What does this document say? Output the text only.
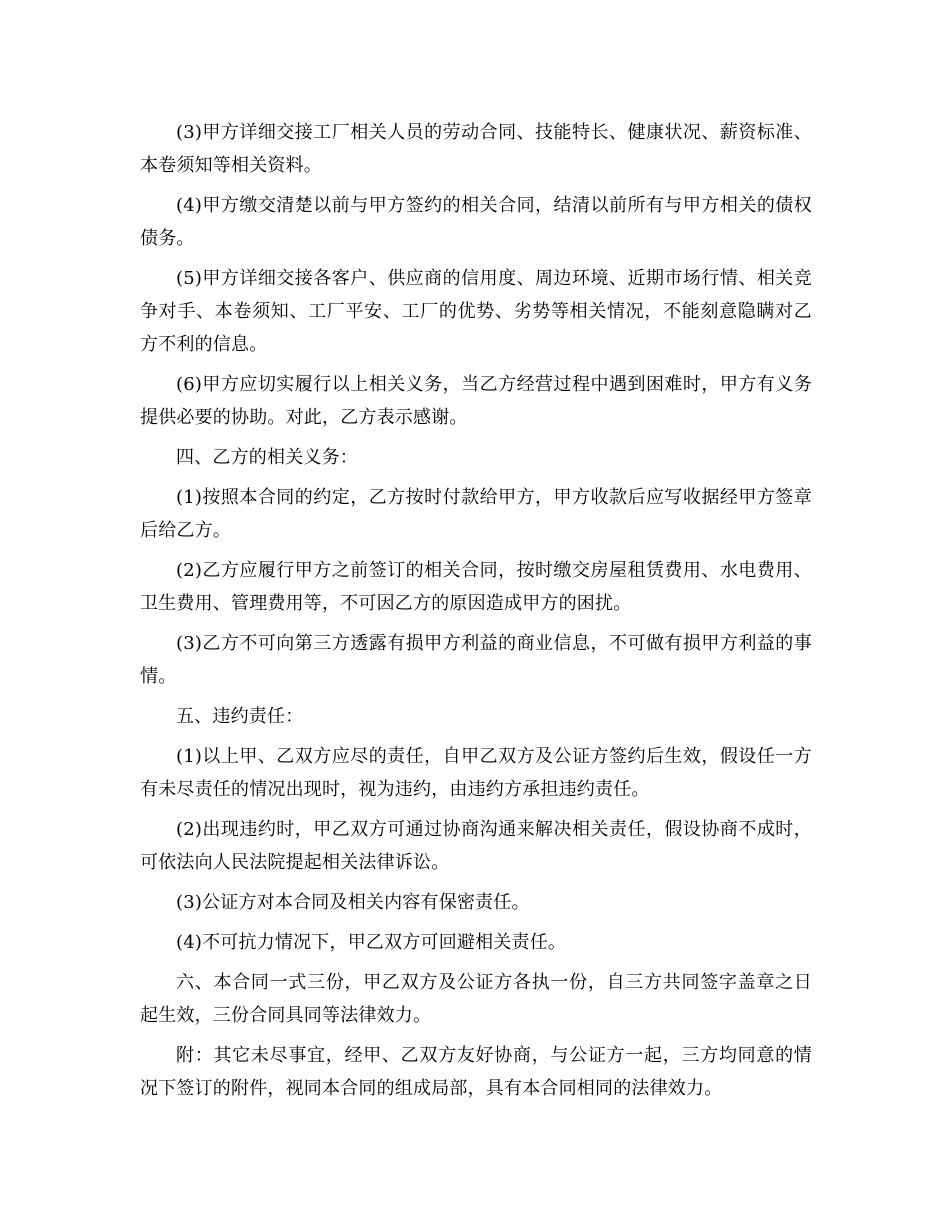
(3)甲方详细交接工厂相关人员的劳动合同、技能特长、健康状况、薪资标准、本卷须知等相关资料。

(4)甲方缴交清楚以前与甲方签约的相关合同，结清以前所有与甲方相关的债权债务。

(5)甲方详细交接各客户、供应商的信用度、周边环境、近期市场行情、相关竞争对手、本卷须知、工厂平安、工厂的优势、劣势等相关情况，不能刻意隐瞒对乙方不利的信息。

(6)甲方应切实履行以上相关义务，当乙方经营过程中遇到困难时，甲方有义务提供必要的协助。对此，乙方表示感谢。

四、乙方的相关义务：

(1)按照本合同的约定，乙方按时付款给甲方，甲方收款后应写收据经甲方签章后给乙方。

(2)乙方应履行甲方之前签订的相关合同，按时缴交房屋租赁费用、水电费用、卫生费用、管理费用等，不可因乙方的原因造成甲方的困扰。

(3)乙方不可向第三方透露有损甲方利益的商业信息，不可做有损甲方利益的事情。

五、违约责任：

(1)以上甲、乙双方应尽的责任，自甲乙双方及公证方签约后生效，假设任一方有未尽责任的情况出现时，视为违约，由违约方承担违约责任。

(2)出现违约时，甲乙双方可通过协商沟通来解决相关责任，假设协商不成时，可依法向人民法院提起相关法律诉讼。

(3)公证方对本合同及相关内容有保密责任。

(4)不可抗力情况下，甲乙双方可回避相关责任。

六、本合同一式三份，甲乙双方及公证方各执一份，自三方共同签字盖章之日起生效，三份合同具同等法律效力。

附：其它未尽事宜，经甲、乙双方友好协商，与公证方一起，三方均同意的情况下签订的附件，视同本合同的组成局部，具有本合同相同的法律效力。
